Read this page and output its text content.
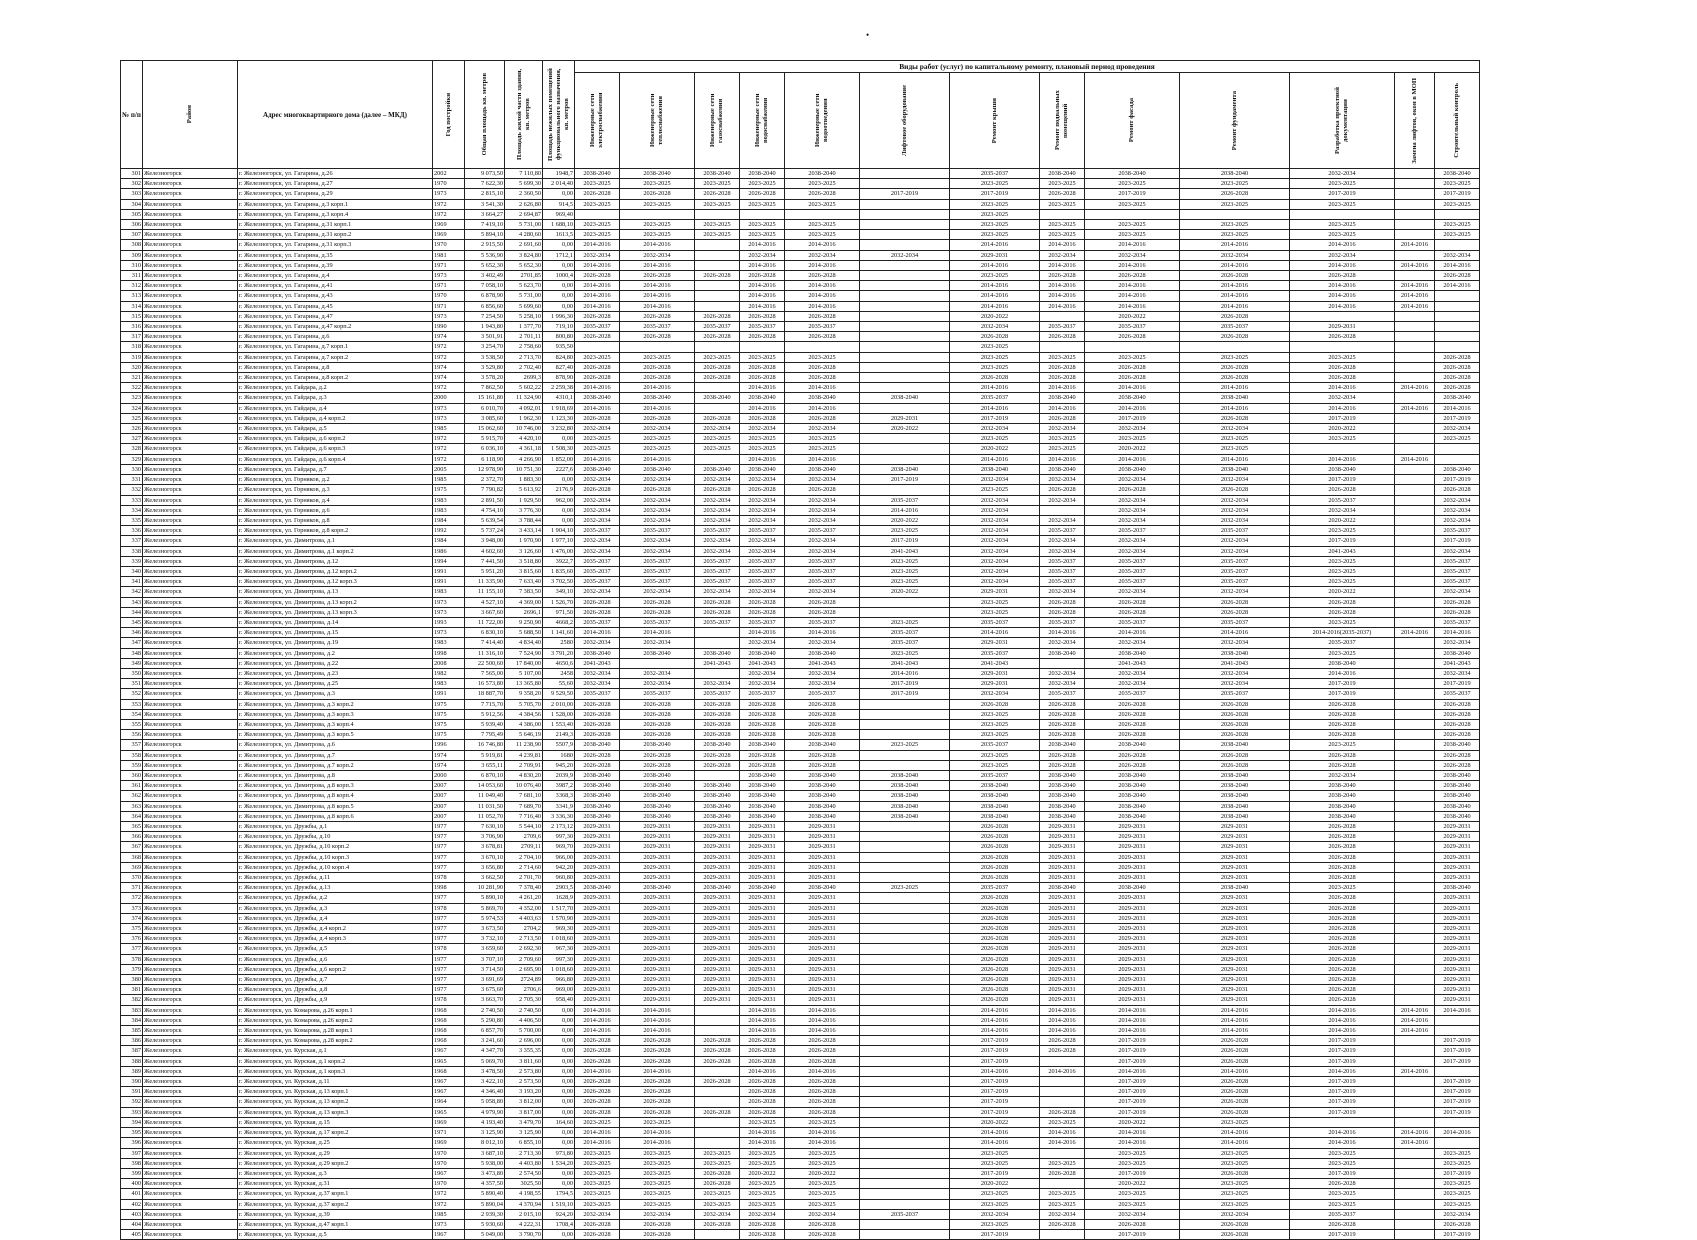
•
№ п/п	Район	Адрес многоквартирного дома (далее – МКД)	Год постройки	Общая площадь кв. метров	Площадь жилой части здания, кв. метров	Площадь нежилых помещений функционального назначения, кв. метров	Виды работ (услуг) по капитальному ремонту, плановый период проведения												

							Инженерные сети электроснабжения	Инженерные сети теплоснабжения	Инженерные сети газоснабжения	Инженерные сети водоснабжения	Инженерные сети водоотведения	Лифтовое оборудование	Ремонт крыши	Ремонт подвальных помещений	Ремонт фасада	Ремонт фундамента	Разработка проектной документации	Замена лифтов, окон в МОП	Строительный контроль

301	Железногорск	г. Железногорск, ул. Гагарина, д.26	2002	9 073,50	7 110,80	1948,7	2038-2040	2038-2040	2038-2040	2038-2040	2038-2040		2035-2037	2038-2040	2038-2040	2038-2040	2032-2034		2038-2040
302	Железногорск	г. Железногорск, ул. Гагарина, д.27	1970	7 622,30	5 699,30	2 014,40	2023-2025	2023-2025	2023-2025	2023-2025	2023-2025		2023-2025	2023-2025	2023-2025	2023-2025	2023-2025		2023-2025
303	Железногорск	г. Железногорск, ул. Гагарина, д.29	1973	2 815,10	2 360,50	0,00	2026-2028	2026-2028	2026-2028	2026-2028	2026-2028	2017-2019	2017-2019	2026-2028	2017-2019	2026-2028	2017-2019		2017-2019
304	Железногорск	г. Железногорск, ул. Гагарина, д.3 корп.1	1972	3 541,30	2 626,80	914,5	2023-2025	2023-2025	2023-2025	2023-2025	2023-2025		2023-2025	2023-2025	2023-2025	2023-2025	2023-2025		2023-2025
305	Железногорск	г. Железногорск, ул. Гагарина, д.3 корп.4	1972	3 664,27	2 694,87	969,40							2023-2025						
306	Железногорск	г. Железногорск, ул. Гагарина, д.31 корп.1	1969	7 419,10	5 731,00	1 688,10	2023-2025	2023-2025	2023-2025	2023-2025	2023-2025		2023-2025	2023-2025	2023-2025	2023-2025	2023-2025		2023-2025
307	Железногорск	г. Железногорск, ул. Гагарина, д.31 корп.2	1969	5 894,10	4 280,60	1613,5	2023-2025	2023-2025	2023-2025	2023-2025	2023-2025		2023-2025	2023-2025	2023-2025	2023-2025	2023-2025		2023-2025
308	Железногорск	г. Железногорск, ул. Гагарина, д.31 корп.3	1970	2 915,50	2 691,60	0,00	2014-2016	2014-2016		2014-2016	2014-2016		2014-2016	2014-2016	2014-2016	2014-2016	2014-2016	2014-2016	
309	Железногорск	г. Железногорск, ул. Гагарина, д.35	1981	5 536,90	3 824,80	1712,1	2032-2034	2032-2034		2032-2034	2032-2034	2032-2034	2029-2031	2032-2034	2032-2034	2032-2034	2032-2034		2032-2034
310	Железногорск	г. Железногорск, ул. Гагарина, д.39	1971	5 652,30	5 652,30	0,00	2014-2016	2014-2016		2014-2016	2014-2016		2014-2016	2014-2016	2014-2016	2014-2016	2014-2016	2014-2016	2014-2016
311	Железногорск	г. Железногорск, ул. Гагарина, д.4	1973	3 402,49	2701,85	1000,4	2026-2028	2026-2028	2026-2028	2026-2028	2026-2028		2023-2025	2026-2028	2026-2028	2026-2028	2026-2028		2026-2028
312	Железногорск	г. Железногорск, ул. Гагарина, д.41	1971	7 058,10	5 623,70	0,00	2014-2016	2014-2016		2014-2016	2014-2016		2014-2016	2014-2016	2014-2016	2014-2016	2014-2016	2014-2016	2014-2016
313	Железногорск	г. Железногорск, ул. Гагарина, д.43	1970	6 878,90	5 731,00	0,00	2014-2016	2014-2016		2014-2016	2014-2016		2014-2016	2014-2016	2014-2016	2014-2016	2014-2016	2014-2016	
314	Железногорск	г. Железногорск, ул. Гагарина, д.45	1971	6 856,60	5 699,60	0,00	2014-2016	2014-2016		2014-2016	2014-2016		2014-2016	2014-2016	2014-2016	2014-2016	2014-2016	2014-2016	
315	Железногорск	г. Железногорск, ул. Гагарина, д.47	1973	7 254,50	5 258,10	1 996,30	2026-2028	2026-2028	2026-2028	2026-2028	2026-2028		2020-2022		2020-2022	2026-2028			
316	Железногорск	г. Железногорск, ул. Гагарина, д.47 корп.2	1990	1 943,80	1 377,70	719,10	2035-2037	2035-2037	2035-2037	2035-2037	2035-2037		2032-2034	2035-2037	2035-2037	2035-2037	2029-2031		
317	Железногорск	г. Железногорск, ул. Гагарина, д.6	1974	3 501,91	2 701,11	800,80	2026-2028	2026-2028	2026-2028	2026-2028	2026-2028		2026-2028	2026-2028	2026-2028	2026-2028	2026-2028		
318	Железногорск	г. Железногорск, ул. Гагарина, д.7 корп.1	1972	3 254,70	2 758,60	935,50							2023-2025						
319	Железногорск	г. Железногорск, ул. Гагарина, д.7 корп.2	1972	3 538,50	2 713,70	824,80	2023-2025	2023-2025	2023-2025	2023-2025	2023-2025		2023-2025	2023-2025	2023-2025	2023-2025	2023-2025		2026-2028
320	Железногорск	г. Железногорск, ул. Гагарина, д.8	1974	3 529,80	2 702,40	827,40	2026-2028	2026-2028	2026-2028	2026-2028	2026-2028		2023-2025	2026-2028	2026-2028	2026-2028	2026-2028		2026-2028
321	Железногорск	г. Железногорск, ул. Гагарина, д.8 корп.2	1974	3 578,20	2699,3	878,90	2026-2028	2026-2028	2026-2028	2026-2028	2026-2028		2026-2028	2026-2028	2026-2028	2026-2028	2026-2028		2026-2028
322	Железногорск	г. Железногорск, ул. Гайдара, д.2	1972	7 862,50	5 602,22	2 259,38	2014-2016	2014-2016		2014-2016	2014-2016		2014-2016	2014-2016	2014-2016	2014-2016	2014-2016	2014-2016	2026-2028
323	Железногорск	г. Железногорск, ул. Гайдара, д.3	2000	15 161,80	11 324,90	4310,1	2038-2040	2038-2040	2038-2040	2038-2040	2038-2040	2038-2040	2035-2037	2038-2040	2038-2040	2038-2040	2032-2034		2038-2040
324	Железногорск	г. Железногорск, ул. Гайдара, д.4	1973	6 010,70	4 092,01	1 918,69	2014-2016	2014-2016		2014-2016	2014-2016		2014-2016	2014-2016	2014-2016	2014-2016	2014-2016	2014-2016	2014-2016
325	Железногорск	г. Железногорск, ул. Гайдара, д.4 корп.2	1973	3 085,60	1 962,30	1 123,30	2026-2028	2026-2028	2026-2028	2026-2028	2026-2028	2029-2031	2017-2019	2026-2028	2017-2019	2026-2028	2017-2019		2017-2019
326	Железногорск	г. Железногорск, ул. Гайдара, д.5	1985	15 062,60	10 746,00	3 232,80	2032-2034	2032-2034	2032-2034	2032-2034	2032-2034	2020-2022	2032-2034	2032-2034	2032-2034	2032-2034	2020-2022		2032-2034
327	Железногорск	г. Железногорск, ул. Гайдара, д.6 корп.2	1972	5 915,70	4 420,10	0,00	2023-2025	2023-2025	2023-2025	2023-2025	2023-2025		2023-2025	2023-2025	2023-2025	2023-2025	2023-2025		2023-2025
328	Железногорск	г. Железногорск, ул. Гайдара, д.6 корп.3	1972	6 036,10	4 361,18	1 508,30	2023-2025	2023-2025	2023-2025	2023-2025	2023-2025		2020-2022	2023-2025	2020-2022	2023-2025			
329	Железногорск	г. Железногорск, ул. Гайдара, д.6 корп.4	1972	6 118,90	4 266,90	1 852,00	2014-2016	2014-2016		2014-2016	2014-2016		2014-2016	2014-2016	2014-2016	2014-2016	2014-2016	2014-2016	
330	Железногорск	г. Железногорск, ул. Гайдара, д.7	2005	12 978,90	10 751,30	2227,6	2038-2040	2038-2040	2038-2040	2038-2040	2038-2040	2038-2040	2038-2040	2038-2040	2038-2040	2038-2040	2038-2040		2038-2040
331	Железногорск	г. Железногорск, ул. Горняков, д.2	1985	2 372,70	1 883,30	0,00	2032-2034	2032-2034	2032-2034	2032-2034	2032-2034	2017-2019	2032-2034	2032-2034	2032-2034	2032-2034	2017-2019		2017-2019
332	Железногорск	г. Железногорск, ул. Горняков, д.3	1975	7 790,82	5 613,92	2176,9	2026-2028	2026-2028	2026-2028	2026-2028	2026-2028		2023-2025	2026-2028	2026-2028	2026-2028	2026-2028		2026-2028
333	Железногорск	г. Железногорск, ул. Горняков, д.4	1983	2 891,50	1 929,50	962,00	2032-2034	2032-2034	2032-2034	2032-2034	2032-2034	2035-2037	2032-2034	2032-2034	2032-2034	2032-2034	2035-2037		2032-2034
334	Железногорск	г. Железногорск, ул. Горняков, д.6	1983	4 754,10	3 776,30	0,00	2032-2034	2032-2034	2032-2034	2032-2034	2032-2034	2014-2016	2032-2034		2032-2034	2032-2034	2032-2034		2032-2034
335	Железногорск	г. Железногорск, ул. Горняков, д.8	1984	5 639,54	3 788,44	0,00	2032-2034	2032-2034	2032-2034	2032-2034	2032-2034	2020-2022	2032-2034	2032-2034	2032-2034	2032-2034	2020-2022		2032-2034
336	Железногорск	г. Железногорск, ул. Горняков, д.8 корп.2	1992	5 737,24	3 433,14	1 904,10	2035-2037	2035-2037	2035-2037	2035-2037	2035-2037	2023-2025	2032-2034	2035-2037	2035-2037	2035-2037	2023-2025		2035-2037
337	Железногорск	г. Железногорск, ул. Димитрова, д.1	1984	3 948,00	1 970,90	1 977,10	2032-2034	2032-2034	2032-2034	2032-2034	2032-2034	2017-2019	2032-2034	2032-2034	2032-2034	2032-2034	2017-2019		2017-2019
338	Железногорск	г. Железногорск, ул. Димитрова, д.1 корп.2	1986	4 602,60	3 126,60	1 476,00	2032-2034	2032-2034	2032-2034	2032-2034	2032-2034	2041-2043	2032-2034	2032-2034	2032-2034	2032-2034	2041-2043		2032-2034
339	Железногорск	г. Железногорск, ул. Димитрова, д.12	1994	7 441,50	3 518,80	3922,7	2035-2037	2035-2037	2035-2037	2035-2037	2035-2037	2023-2025	2032-2034	2035-2037	2035-2037	2035-2037	2023-2025		2035-2037
340	Железногорск	г. Железногорск, ул. Димитрова, д.12 корп.2	1991	5 951,20	3 815,60	1 835,60	2035-2037	2035-2037	2035-2037	2035-2037	2035-2037	2023-2025	2032-2034	2035-2037	2035-2037	2035-2037	2023-2025		2035-2037
341	Железногорск	г. Железногорск, ул. Димитрова, д.12 корп.3	1991	11 335,90	7 633,40	3 702,50	2035-2037	2035-2037	2035-2037	2035-2037	2035-2037	2023-2025	2032-2034	2035-2037	2035-2037	2035-2037	2023-2025		2035-2037
342	Железногорск	г. Железногорск, ул. Димитрова, д.13	1983	11 155,10	7 383,50	349,10	2032-2034	2032-2034	2032-2034	2032-2034	2032-2034	2020-2022	2029-2031	2032-2034	2032-2034	2032-2034	2020-2022		2032-2034
343	Железногорск	г. Железногорск, ул. Димитрова, д.13 корп.2	1973	4 527,10	4 369,00	1 526,70	2026-2028	2026-2028	2026-2028	2026-2028	2026-2028		2023-2025	2026-2028	2026-2028	2026-2028	2026-2028		2026-2028
344	Железногорск	г. Железногорск, ул. Димитрова, д.13 корп.3	1973	3 667,60	2696,1	971,50	2026-2028	2026-2028	2026-2028	2026-2028	2026-2028		2023-2025	2026-2028	2026-2028	2026-2028	2026-2028		2026-2028
345	Железногорск	г. Железногорск, ул. Димитрова, д.14	1993	11 722,00	9 250,90	4668,2	2035-2037	2035-2037	2035-2037	2035-2037	2035-2037	2023-2025	2035-2037	2035-2037	2035-2037	2035-2037	2023-2025		2035-2037
346	Железногорск	г. Железногорск, ул. Димитрова, д.15	1973	6 830,10	5 688,50	1 141,60	2014-2016	2014-2016		2014-2016	2014-2016	2035-2037	2014-2016	2014-2016	2014-2016	2014-2016	2014-2016(2035-2037)	2014-2016	2014-2016
347	Железногорск	г. Железногорск, ул. Димитрова, д.19	1983	7 414,40	4 834,40	2580	2032-2034	2032-2034		2032-2034	2032-2034	2035-2037	2029-2031	2032-2034	2032-2034	2032-2034	2035-2037		2032-2034
348	Железногорск	г. Железногорск, ул. Димитрова, д.2	1998	11 316,10	7 524,90	3 791,20	2038-2040	2038-2040	2038-2040	2038-2040	2038-2040	2023-2025	2035-2037	2038-2040	2038-2040	2038-2040	2023-2025		2038-2040
349	Железногорск	г. Железногорск, ул. Димитрова, д.22	2008	22 500,60	17 840,00	4650,6	2041-2043		2041-2043	2041-2043	2041-2043	2041-2043	2041-2043		2041-2043	2041-2043	2038-2040		2041-2043
350	Железногорск	г. Железногорск, ул. Димитрова, д.23	1982	7 565,00	5 107,00	2458	2032-2034	2032-2034		2032-2034	2032-2034	2014-2016	2029-2031	2032-2034	2032-2034	2032-2034	2014-2016		2032-2034
351	Железногорск	г. Железногорск, ул. Димитрова, д.25	1983	16 573,80	13 365,80	55,60	2032-2034	2032-2034	2032-2034	2032-2034	2032-2034	2017-2019	2029-2031	2032-2034	2032-2034	2032-2034	2017-2019		2017-2019
352	Железногорск	г. Железногорск, ул. Димитрова, д.3	1991	18 887,70	9 358,20	9 529,50	2035-2037	2035-2037	2035-2037	2035-2037	2035-2037	2017-2019	2032-2034	2035-2037	2035-2037	2035-2037	2017-2019		2035-2037
353	Железногорск	г. Железногорск, ул. Димитрова, д.3 корп.2	1975	7 715,70	5 705,70	2 010,00	2026-2028	2026-2028	2026-2028	2026-2028	2026-2028		2026-2028	2026-2028	2026-2028	2026-2028	2026-2028		2026-2028
354	Железногорск	г. Железногорск, ул. Димитрова, д.3 корп.3	1975	5 912,56	4 384,56	1 528,00	2026-2028	2026-2028	2026-2028	2026-2028	2026-2028		2023-2025	2026-2028	2026-2028	2026-2028	2026-2028		2026-2028
355	Железногорск	г. Железногорск, ул. Димитрова, д.3 корп.4	1975	5 939,40	4 386,00	1 553,40	2026-2028	2026-2028	2026-2028	2026-2028	2026-2028		2023-2025	2026-2028	2026-2028	2026-2028	2026-2028		2026-2028
356	Железногорск	г. Железногорск, ул. Димитрова, д.3 корп.5	1975	7 795,49	5 646,19	2149,3	2026-2028	2026-2028	2026-2028	2026-2028	2026-2028		2023-2025	2026-2028	2026-2028	2026-2028	2026-2028		2026-2028
357	Железногорск	г. Железногорск, ул. Димитрова, д.6	1996	16 746,80	11 238,90	5507,9	2038-2040	2038-2040	2038-2040	2038-2040	2038-2040	2023-2025	2035-2037	2038-2040	2038-2040	2038-2040	2023-2025		2038-2040
358	Железногорск	г. Железногорск, ул. Димитрова, д.7	1974	5 919,81	4 239,81	1680	2026-2028	2026-2028	2026-2028	2026-2028	2026-2028		2023-2025	2026-2028	2026-2028	2026-2028	2026-2028		2026-2028
359	Железногорск	г. Железногорск, ул. Димитрова, д.7 корп.2	1974	3 655,11	2 709,91	945,20	2026-2028	2026-2028	2026-2028	2026-2028	2026-2028		2023-2025	2026-2028	2026-2028	2026-2028	2026-2028		2026-2028
360	Железногорск	г. Железногорск, ул. Димитрова, д.8	2000	6 870,10	4 830,20	2039,9	2038-2040	2038-2040		2038-2040	2038-2040	2038-2040	2035-2037	2038-2040	2038-2040	2038-2040	2032-2034		2038-2040
361	Железногорск	г. Железногорск, ул. Димитрова, д.8 корп.3	2007	14 053,60	10 076,40	3987,2	2038-2040	2038-2040	2038-2040	2038-2040	2038-2040	2038-2040	2038-2040	2038-2040	2038-2040	2038-2040	2038-2040		2038-2040
362	Железногорск	г. Железногорск, ул. Димитрова, д.8 корп.4	2007	11 049,40	7 681,10	3368,3	2038-2040	2038-2040	2038-2040	2038-2040	2038-2040	2038-2040	2038-2040	2038-2040	2038-2040	2038-2040	2038-2040		2038-2040
363	Железногорск	г. Железногорск, ул. Димитрова, д.8 корп.5	2007	11 031,50	7 689,70	3341,9	2038-2040	2038-2040	2038-2040	2038-2040	2038-2040	2038-2040	2038-2040	2038-2040	2038-2040	2038-2040	2038-2040		2038-2040
364	Железногорск	г. Железногорск, ул. Димитрова, д.8 корп.6	2007	11 052,70	7 716,40	3 336,30	2038-2040	2038-2040	2038-2040	2038-2040	2038-2040	2038-2040	2038-2040	2038-2040	2038-2040	2038-2040	2038-2040		2038-2040
365	Железногорск	г. Железногорск, ул. Дружбы, д.1	1977	7 630,10	5 544,10	2 173,12	2029-2031	2029-2031	2029-2031	2029-2031	2029-2031		2026-2028	2029-2031	2029-2031	2029-2031	2026-2028		2029-2031
366	Железногорск	г. Железногорск, ул. Дружбы, д.10	1977	3 706,90	2709,6	997,30	2029-2031	2029-2031	2029-2031	2029-2031	2029-2031		2026-2028	2029-2031	2029-2031	2029-2031	2026-2028		2029-2031
367	Железногорск	г. Железногорск, ул. Дружбы, д.10 корп.2	1977	3 678,81	2709,11	969,70	2029-2031	2029-2031	2029-2031	2029-2031	2029-2031		2026-2028	2029-2031	2029-2031	2029-2031	2026-2028		2029-2031
368	Железногорск	г. Железногорск, ул. Дружбы, д.10 корп.3	1977	3 670,10	2 704,10	966,00	2029-2031	2029-2031	2029-2031	2029-2031	2029-2031		2026-2028	2029-2031	2029-2031	2029-2031	2026-2028		2029-2031
369	Железногорск	г. Железногорск, ул. Дружбы, д.10 корп.4	1977	3 656,80	2 714,60	942,20	2029-2031	2029-2031	2029-2031	2029-2031	2029-2031		2026-2028	2029-2031	2029-2031	2029-2031	2026-2028		2029-2031
370	Железногорск	г. Железногорск, ул. Дружбы, д.11	1978	3 662,50	2 701,70	960,80	2029-2031	2029-2031	2029-2031	2029-2031	2029-2031		2026-2028	2029-2031	2029-2031	2029-2031	2026-2028		2029-2031
371	Железногорск	г. Железногорск, ул. Дружбы, д.13	1998	10 281,90	7 378,40	2903,5	2038-2040	2038-2040	2038-2040	2038-2040	2038-2040	2023-2025	2035-2037	2038-2040	2038-2040	2038-2040	2023-2025		2038-2040
372	Железногорск	г. Железногорск, ул. Дружбы, д.2	1977	5 890,10	4 261,20	1628,9	2029-2031	2029-2031	2029-2031	2029-2031	2029-2031		2026-2028	2029-2031	2029-2031	2029-2031	2026-2028		2029-2031
373	Железногорск	г. Железногорск, ул. Дружбы, д.3	1978	5 869,70	4 352,00	1 517,70	2029-2031	2029-2031	2029-2031	2029-2031	2029-2031		2026-2028	2029-2031	2029-2031	2029-2031	2026-2028		2029-2031
374	Железногорск	г. Железногорск, ул. Дружбы, д.4	1977	5 974,53	4 403,63	1 570,90	2029-2031	2029-2031	2029-2031	2029-2031	2029-2031		2026-2028	2029-2031	2029-2031	2029-2031	2026-2028		2029-2031
375	Железногорск	г. Железногорск, ул. Дружбы, д.4 корп.2	1977	3 673,50	2704,2	969,30	2029-2031	2029-2031	2029-2031	2029-2031	2029-2031		2026-2028	2029-2031	2029-2031	2029-2031	2026-2028		2029-2031
376	Железногорск	г. Железногорск, ул. Дружбы, д.4 корп.3	1977	3 732,10	2 713,50	1 018,60	2029-2031	2029-2031	2029-2031	2029-2031	2029-2031		2026-2028	2029-2031	2029-2031	2029-2031	2026-2028		2029-2031
377	Железногорск	г. Железногорск, ул. Дружбы, д.5	1978	3 659,60	2 692,30	967,30	2029-2031	2029-2031	2029-2031	2029-2031	2029-2031		2026-2028	2029-2031	2029-2031	2029-2031	2026-2028		2029-2031
378	Железногорск	г. Железногорск, ул. Дружбы, д.6	1977	3 707,10	2 709,60	997,30	2029-2031	2029-2031	2029-2031	2029-2031	2029-2031		2026-2028	2029-2031	2029-2031	2029-2031	2026-2028		2029-2031
379	Железногорск	г. Железногорск, ул. Дружбы, д.6 корп.2	1977	3 714,50	2 695,90	1 018,60	2029-2031	2029-2031	2029-2031	2029-2031	2029-2031		2026-2028	2029-2031	2029-2031	2029-2031	2026-2028		2029-2031
380	Железногорск	г. Железногорск, ул. Дружбы, д.7	1977	3 691,69	2724,89	966,80	2029-2031	2029-2031	2029-2031	2029-2031	2029-2031		2026-2028	2029-2031	2029-2031	2029-2031	2026-2028		2029-2031
381	Железногорск	г. Железногорск, ул. Дружбы, д.8	1977	3 675,60	2706,6	969,00	2029-2031	2029-2031	2029-2031	2029-2031	2029-2031		2026-2028	2029-2031	2029-2031	2029-2031	2026-2028		2029-2031
382	Железногорск	г. Железногорск, ул. Дружбы, д.9	1978	3 663,70	2 705,30	958,40	2029-2031	2029-2031	2029-2031	2029-2031	2029-2031		2026-2028	2029-2031	2029-2031	2029-2031	2026-2028		2029-2031
383	Железногорск	г. Железногорск, ул. Комарова, д.26 корп.1	1968	2 740,50	2 740,50	0,00	2014-2016	2014-2016		2014-2016	2014-2016		2014-2016	2014-2016	2014-2016	2014-2016	2014-2016	2014-2016	2014-2016
384	Железногорск	г. Железногорск, ул. Комарова, д.26 корп.2	1968	5 290,80	4 406,50	0,00	2014-2016	2014-2016		2014-2016	2014-2016		2014-2016	2014-2016	2014-2016	2014-2016	2014-2016	2014-2016	
385	Железногорск	г. Железногорск, ул. Комарова, д.28 корп.1	1968	6 857,70	5 700,00	0,00	2014-2016	2014-2016		2014-2016	2014-2016		2014-2016	2014-2016	2014-2016	2014-2016	2014-2016	2014-2016	
386	Железногорск	г. Железногорск, ул. Комарова, д.28 корп.2	1968	3 241,60	2 696,00	0,00	2026-2028	2026-2028	2026-2028	2026-2028	2026-2028		2017-2019	2026-2028	2017-2019	2026-2028	2017-2019		2017-2019
387	Железногорск	г. Железногорск, ул. Курская, д.1	1967	4 347,70	3 355,35	0,00	2026-2028	2026-2028	2026-2028	2026-2028	2026-2028		2017-2019	2026-2028	2017-2019	2026-2028	2017-2019		2017-2019
388	Железногорск	г. Железногорск, ул. Курская, д.1 корп.2	1965	5 069,70	3 811,60	0,00	2026-2028	2026-2028	2026-2028	2026-2028	2026-2028		2017-2019		2017-2019	2026-2028	2017-2019		2017-2019
389	Железногорск	г. Железногорск, ул. Курская, д.1 корп.3	1968	3 478,50	2 573,80	0,00	2014-2016	2014-2016		2014-2016	2014-2016		2014-2016	2014-2016	2014-2016	2014-2016	2014-2016	2014-2016	
390	Железногорск	г. Железногорск, ул. Курская, д.11	1967	3 422,10	2 573,50	0,00	2026-2028	2026-2028	2026-2028	2026-2028	2026-2028		2017-2019		2017-2019	2026-2028	2017-2019		2017-2019
391	Железногорск	г. Железногорск, ул. Курская, д.13 корп.1	1967	4 346,40	3 193,20	0,00	2026-2028	2026-2028		2026-2028	2026-2028		2017-2019		2017-2019	2026-2028	2017-2019		2017-2019
392	Железногорск	г. Железногорск, ул. Курская, д.13 корп.2	1964	5 058,80	3 812,00	0,00	2026-2028	2026-2028		2026-2028	2026-2028		2017-2019		2017-2019	2026-2028	2017-2019		2017-2019
393	Железногорск	г. Железногорск, ул. Курская, д.13 корп.3	1965	4 979,90	3 817,00	0,00	2026-2028	2026-2028	2026-2028	2026-2028	2026-2028		2017-2019	2026-2028	2017-2019	2026-2028	2017-2019		2017-2019
394	Железногорск	г. Железногорск, ул. Курская, д.15	1969	4 193,40	3 479,70	164,60	2023-2025	2023-2025		2023-2025	2023-2025		2020-2022	2023-2025	2020-2022	2023-2025			
395	Железногорск	г. Железногорск, ул. Курская, д.17 корп.2	1971	3 125,90	3 125,90	0,00	2014-2016	2014-2016		2014-2016	2014-2016		2014-2016	2014-2016	2014-2016	2014-2016	2014-2016	2014-2016	2014-2016
396	Железногорск	г. Железногорск, ул. Курская, д.25	1969	8 012,10	6 855,10	0,00	2014-2016	2014-2016		2014-2016	2014-2016		2014-2016	2014-2016	2014-2016	2014-2016	2014-2016	2014-2016	
397	Железногорск	г. Железногорск, ул. Курская, д.29	1970	3 687,10	2 713,30	973,80	2023-2025	2023-2025	2023-2025	2023-2025	2023-2025		2023-2025		2023-2025	2023-2025	2023-2025		2023-2025
398	Железногорск	г. Железногорск, ул. Курская, д.29 корп.2	1970	5 938,00	4 403,80	1 534,20	2023-2025	2023-2025	2023-2025	2023-2025	2023-2025		2023-2025	2023-2025	2023-2025	2023-2025	2023-2025		2023-2025
399	Железногорск	г. Железногорск, ул. Курская, д.3	1967	3 473,80	2 574,50	0,00	2023-2025	2023-2025	2026-2028	2020-2022	2020-2022		2017-2019	2026-2028	2017-2019	2026-2028	2017-2019		2017-2019
400	Железногорск	г. Железногорск, ул. Курская, д.31	1970	4 357,50	3025,50	0,00	2023-2025	2023-2025	2026-2028	2023-2025	2023-2025		2020-2022		2020-2022	2023-2025	2026-2028		2023-2025
401	Железногорск	г. Железногорск, ул. Курская, д.37 корп.1	1972	5 890,40	4 198,55	1794,5	2023-2025	2023-2025	2023-2025	2023-2025	2023-2025		2023-2025	2023-2025	2023-2025	2023-2025	2023-2025		2023-2025
402	Железногорск	г. Железногорск, ул. Курская, д.37 корп.2	1972	5 890,04	4 370,94	1 519,10	2023-2025	2023-2025	2023-2025	2023-2025	2023-2025		2023-2025	2023-2025	2023-2025	2023-2025	2023-2025		2023-2025
403	Железногорск	г. Железногорск, ул. Курская, д.39	1985	2 939,30	2 015,10	924,20	2032-2034	2032-2034	2032-2034	2032-2034	2032-2034	2035-2037	2032-2034	2032-2034	2032-2034	2032-2034	2035-2037		2032-2034
404	Железногорск	г. Железногорск, ул. Курская, д.47 корп.1	1973	5 930,60	4 222,31	1708,4	2026-2028	2026-2028	2026-2028	2026-2028	2026-2028		2023-2025	2026-2028	2026-2028	2026-2028	2026-2028		2026-2028
405	Железногорск	г. Железногорск, ул. Курская, д.5	1967	5 049,00	3 790,70	0,00	2026-2028	2026-2028		2026-2028	2026-2028		2017-2019		2017-2019	2026-2028	2017-2019		2017-2019
